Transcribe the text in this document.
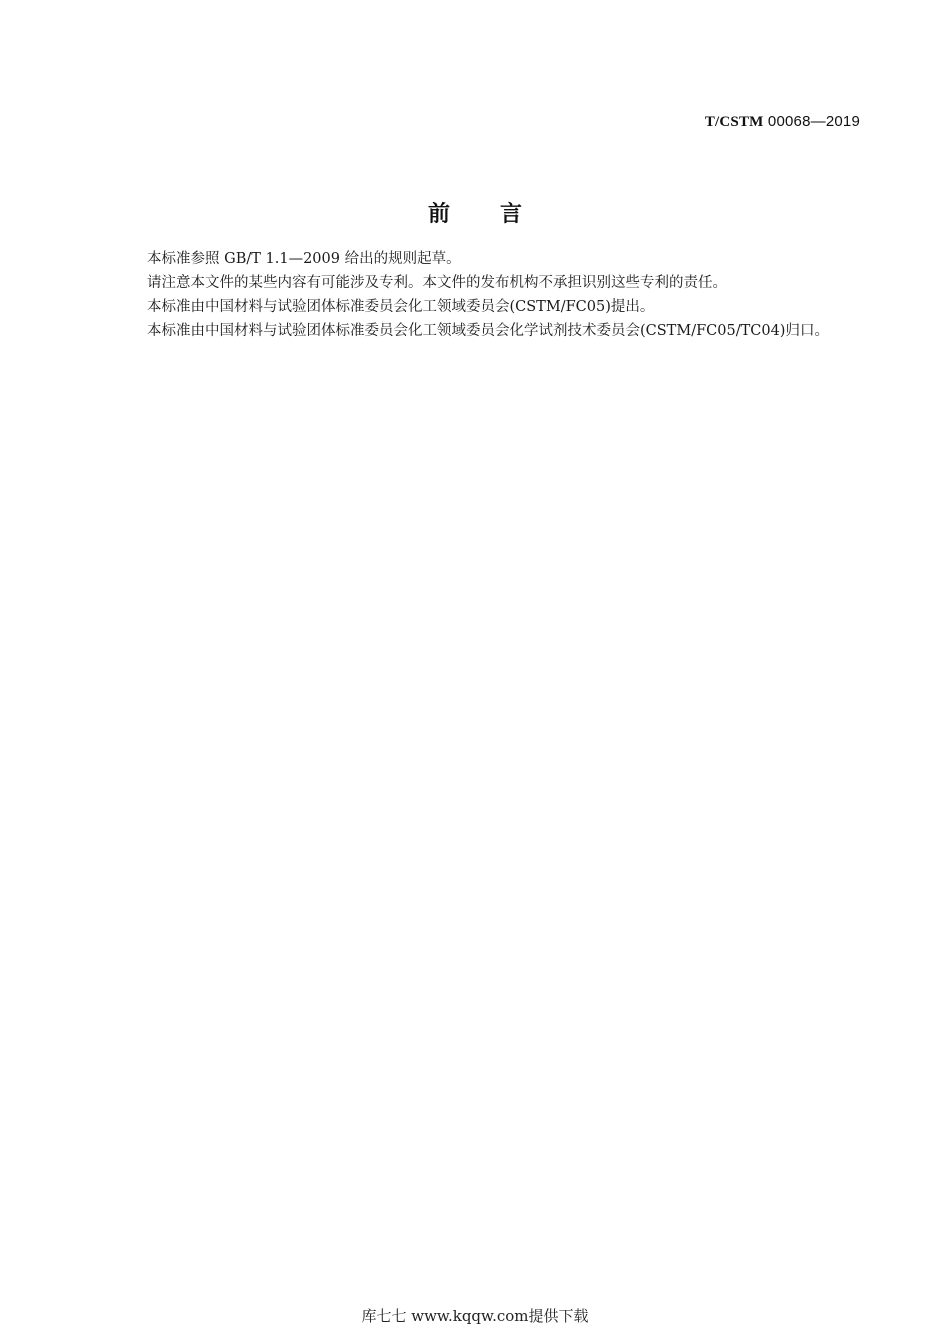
T/CSTM 00068—2019
前言

本标准参照 GB/T 1.1—2009 给出的规则起草。

请注意本文件的某些内容有可能涉及专利。本文件的发布机构不承担识别这些专利的责任。

本标准由中国材料与试验团体标准委员会化工领域委员会(CSTM/FC05)提出。

本标准由中国材料与试验团体标准委员会化工领域委员会化学试剂技术委员会(CSTM/FC05/TC04)归口。

库七七 www.kqqw.com提供下载
